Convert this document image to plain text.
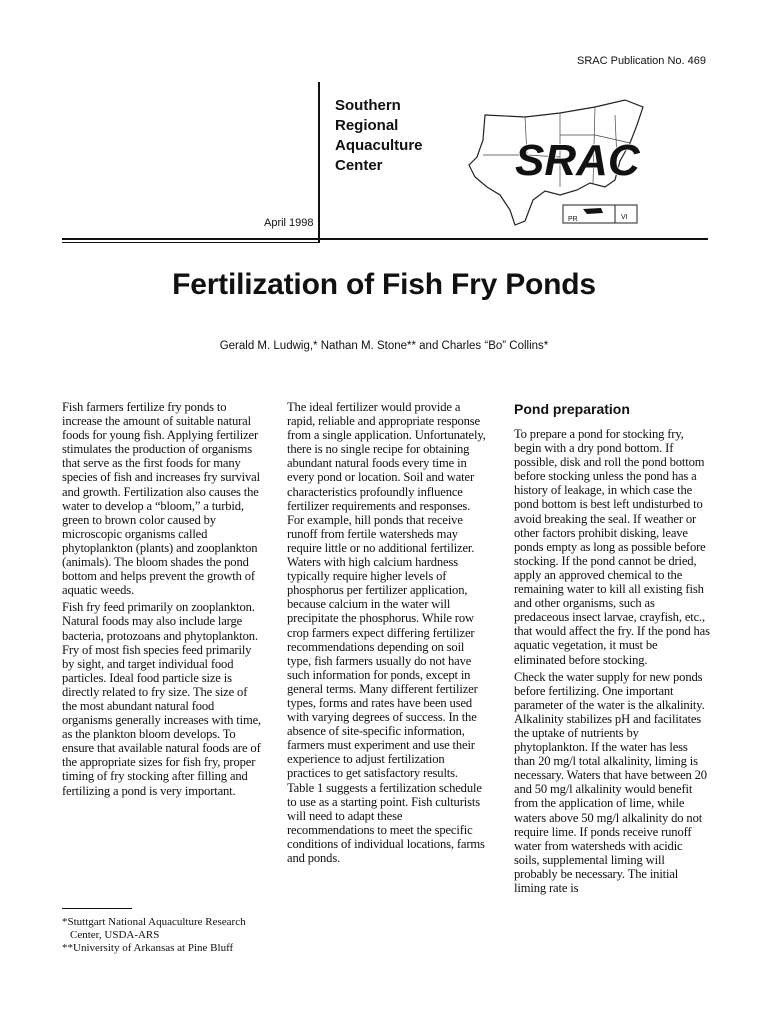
SRAC Publication No. 469
Southern
Regional
Aquaculture
Center
April 1998
SRAC
PR	VI
Fertilization of Fish Fry Ponds
Gerald M. Ludwig,* Nathan M. Stone** and Charles “Bo” Collins*

Fish farmers fertilize fry ponds to increase the amount of suitable natural foods for young fish. Applying fertilizer stimulates the production of organisms that serve as the first foods for many species of fish and increases fry survival and growth. Fertilization also causes the water to develop a “bloom,” a turbid, green to brown color caused by microscopic organisms called phytoplankton (plants) and zooplankton (animals). The bloom shades the pond bottom and helps prevent the growth of aquatic weeds.

Fish fry feed primarily on zooplankton. Natural foods may also include large bacteria, protozoans and phytoplankton. Fry of most fish species feed primarily by sight, and target individual food particles. Ideal food particle size is directly related to fry size. The size of the most abundant natural food organisms generally increases with time, as the plankton bloom develops. To ensure that available natural foods are of the appropriate sizes for fish fry, proper timing of fry stocking after filling and fertilizing a pond is very important.

The ideal fertilizer would provide a rapid, reliable and appropriate response from a single application. Unfortunately, there is no single recipe for obtaining abundant natural foods every time in every pond or location. Soil and water characteristics profoundly influence fertilizer requirements and responses. For example, hill ponds that receive runoff from fertile watersheds may require little or no additional fertilizer. Waters with high calcium hardness typically require higher levels of phosphorus per fertilizer application, because calcium in the water will precipitate the phosphorus. While row crop farmers expect differing fertilizer recommendations depending on soil type, fish farmers usually do not have such information for ponds, except in general terms. Many different fertilizer types, forms and rates have been used with varying degrees of success. In the absence of site-specific information, farmers must experiment and use their experience to adjust fertilization practices to get satisfactory results. Table 1 suggests a fertilization schedule to use as a starting point. Fish culturists will need to adapt these recommendations to meet the specific conditions of individual locations, farms and ponds.

Pond preparation

To prepare a pond for stocking fry, begin with a dry pond bottom. If possible, disk and roll the pond bottom before stocking unless the pond has a history of leakage, in which case the pond bottom is best left undisturbed to avoid breaking the seal. If weather or other factors prohibit disking, leave ponds empty as long as possible before stocking. If the pond cannot be dried, apply an approved chemical to the remaining water to kill all existing fish and other organisms, such as predaceous insect larvae, crayfish, etc., that would affect the fry. If the pond has aquatic vegetation, it must be eliminated before stocking.

Check the water supply for new ponds before fertilizing. One important parameter of the water is the alkalinity. Alkalinity stabilizes pH and facilitates the uptake of nutrients by phytoplankton. If the water has less than 20 mg/l total alkalinity, liming is necessary. Waters that have between 20 and 50 mg/l alkalinity would benefit from the application of lime, while waters above 50 mg/l alkalinity do not require lime. If ponds receive runoff water from watersheds with acidic soils, supplemental liming will probably be necessary. The initial liming rate is

*Stuttgart National Aquaculture Research
Center, USDA-ARS
**University of Arkansas at Pine Bluff
